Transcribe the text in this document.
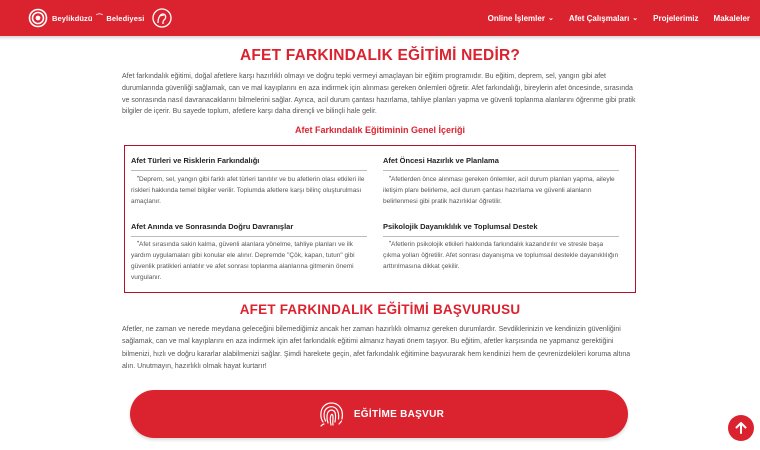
Beylikdüzü ⁀ Belediyesi	Online İşlemler ⌄ Afet Çalışmaları ⌄ Projelerimiz Makaleler
AFET FARKINDALIK EĞİTİMİ NEDİR?

Afet farkındalık eğitimi, doğal afetlere karşı hazırlıklı olmayı ve doğru tepki vermeyi amaçlayan bir eğitim programıdır. Bu eğitim, deprem, sel, yangın gibi afet durumlarında güvenliği sağlamak, can ve mal kayıplarını en aza indirmek için alınması gereken önlemleri öğretir. Afet farkındalığı, bireylerin afet öncesinde, sırasında ve sonrasında nasıl davranacaklarını bilmelerini sağlar. Ayrıca, acil durum çantası hazırlama, tahliye planları yapma ve güvenli toplanma alanlarını öğrenme gibi pratik bilgiler de içerir. Bu sayede toplum, afetlere karşı daha dirençli ve bilinçli hale gelir.

Afet Farkındalık Eğitiminin Genel İçeriği
Afet Türleri ve Risklerin Farkındalığı
• Deprem, sel, yangın gibi farklı afet türleri tanıtılır ve bu afetlerin olası etkileri ile riskleri hakkında temel bilgiler verilir. Toplumda afetlere karşı bilinç oluşturulması amaçlanır.
Afet Öncesi Hazırlık ve Planlama
• Afetlerden önce alınması gereken önlemler, acil durum planları yapma, aileyle iletişim planı belirleme, acil durum çantası hazırlama ve güvenli alanların belirlenmesi gibi pratik hazırlıklar öğretilir.
Afet Anında ve Sonrasında Doğru Davranışlar
• Afet sırasında sakin kalma, güvenli alanlara yönelme, tahliye planları ve ilk yardım uygulamaları gibi konular ele alınır. Depremde "Çök, kapan, tutun" gibi güvenlik pratikleri anlatılır ve afet sonrası toplanma alanlarına gitmenin önemi vurgulanır.
Psikolojik Dayanıklılık ve Toplumsal Destek
• Afetlerin psikolojik etkileri hakkında farkındalık kazandırılır ve stresle başa çıkma yolları öğretilir. Afet sonrası dayanışma ve toplumsal destekle dayanıklılığın arttırılmasına dikkat çekilir.
AFET FARKINDALIK EĞİTİMİ BAŞVURUSU

Afetler, ne zaman ve nerede meydana geleceğini bilemediğimiz ancak her zaman hazırlıklı olmamız gereken durumlardır. Sevdiklerinizin ve kendinizin güvenliğini sağlamak, can ve mal kayıplarını en aza indirmek için afet farkındalık eğitimi almanız hayati önem taşıyor. Bu eğitim, afetler karşısında ne yapmanız gerektiğini bilmenizi, hızlı ve doğru kararlar alabilmenizi sağlar. Şimdi harekete geçin, afet farkındalık eğitimine başvurarak hem kendinizi hem de çevrenizdekileri koruma altına alın. Unutmayın, hazırlıklı olmak hayat kurtarır!

EĞİTİME BAŞVUR
